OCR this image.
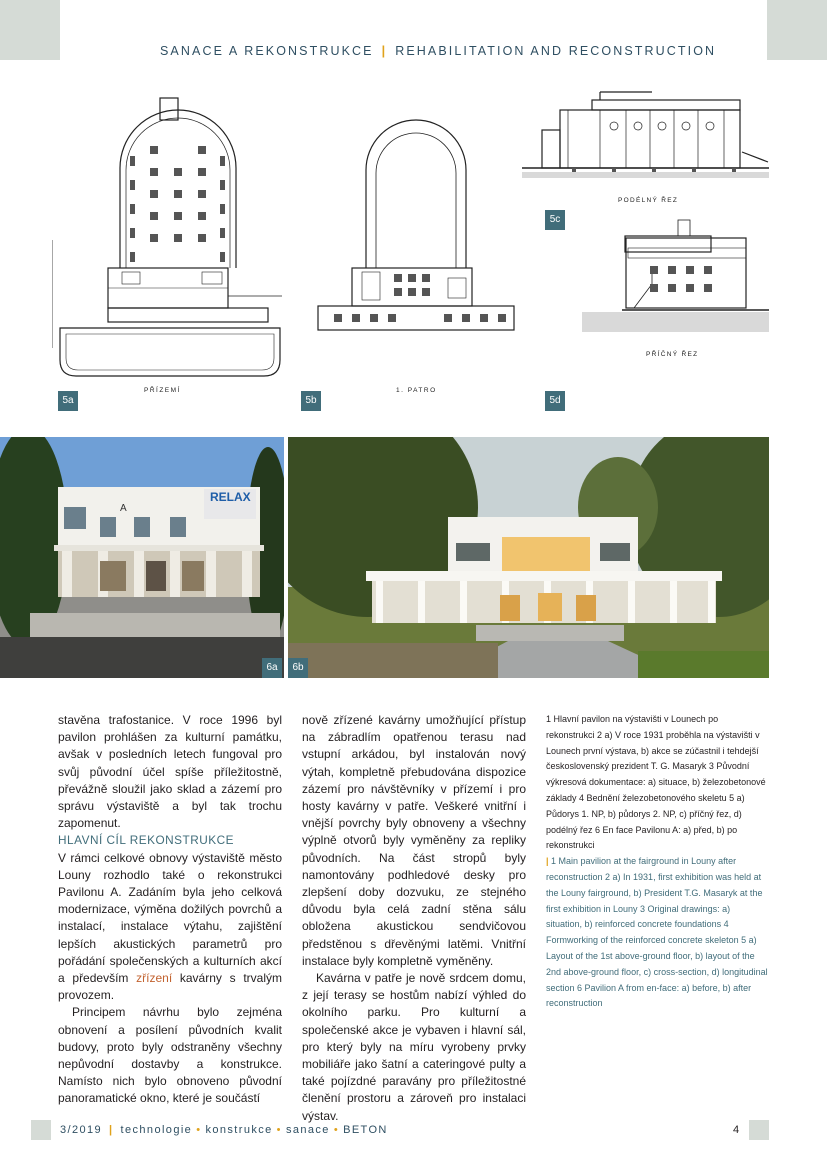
SANACE A REKONSTRUKCE | REHABILITATION AND RECONSTRUCTION
PŘÍZEMÍ	1. PATRO
PODÉLNÝ ŘEZ
PŘÍČNÝ ŘEZ
5a	5b
5c
5d
RELAX
A
6a	6b

stavěna trafostanice. V roce 1996 byl pavilon prohlášen za kulturní památku, avšak v posledních letech fungoval pro svůj původní účel spíše příležitostně, převážně sloužil jako sklad a zázemí pro správu výstaviště a byl tak trochu zapomenut.

HLAVNÍ CÍL REKONSTRUKCE

V rámci celkové obnovy výstaviště město Louny rozhodlo také o rekonstrukci Pavilonu A. Zadáním byla jeho celková modernizace, výměna dožilých povrchů a instalací, instalace výtahu, zajištění lepších akustických parametrů pro pořádání společenských a kulturních akcí a především zřízení kavárny s trvalým provozem.

Principem návrhu bylo zejména obnovení a posílení původních kvalit budovy, proto byly odstraněny všechny nepůvodní dostavby a konstrukce. Namísto nich bylo obnoveno původní panoramatické okno, které je součástí

nově zřízené kavárny umožňující přístup na zábradlím opatřenou terasu nad vstupní arkádou, byl instalován nový výtah, kompletně přebudována dispozice zázemí pro návštěvníky v přízemí i pro hosty kavárny v patře. Veškeré vnitřní i vnější povrchy byly obnoveny a všechny výplně otvorů byly vyměněny za repliky původních. Na část stropů byly namontovány podhledové desky pro zlepšení doby dozvuku, ze stejného důvodu byla celá zadní stěna sálu obložena akustickou sendvičovou předstěnou s dřevěnými latěmi. Vnitřní instalace byly kompletně vyměněny.

Kavárna v patře je nově srdcem domu, z její terasy se hostům nabízí výhled do okolního parku. Pro kulturní a společenské akce je vybaven i hlavní sál, pro který byly na míru vyrobeny prvky mobiliáře jako šatní a cateringové pulty a také pojízdné paravány pro příležitostné členění prostoru a zároveň pro instalaci výstav.

1 Hlavní pavilon na výstavišti v Lounech po rekonstrukci 2 a) V roce 1931 proběhla na výstavišti v Lounech první výstava, b) akce se zúčastnil i tehdejší československý prezident T. G. Masaryk 3 Původní výkresová dokumentace: a) situace, b) železobetonové základy 4 Bednění železobetonového skeletu 5 a) Půdorys 1. NP, b) půdorys 2. NP, c) příčný řez, d) podélný řez 6 En face Pavilonu A: a) před, b) po rekonstrukci

| 1 Main pavilion at the fairground in Louny after reconstruction 2 a) In 1931, first exhibition was held at the Louny fairground, b) President T.G. Masaryk at the first exhibition in Louny 3 Original drawings: a) situation, b) reinforced concrete foundations 4 Formworking of the reinforced concrete skeleton 5 a) Layout of the 1st above-ground floor, b) layout of the 2nd above-ground floor, c) cross-section, d) longitudinal section 6 Pavilion A from en-face: a) before, b) after reconstruction

3/2019 | technologie • konstrukce • sanace • BETON	4
